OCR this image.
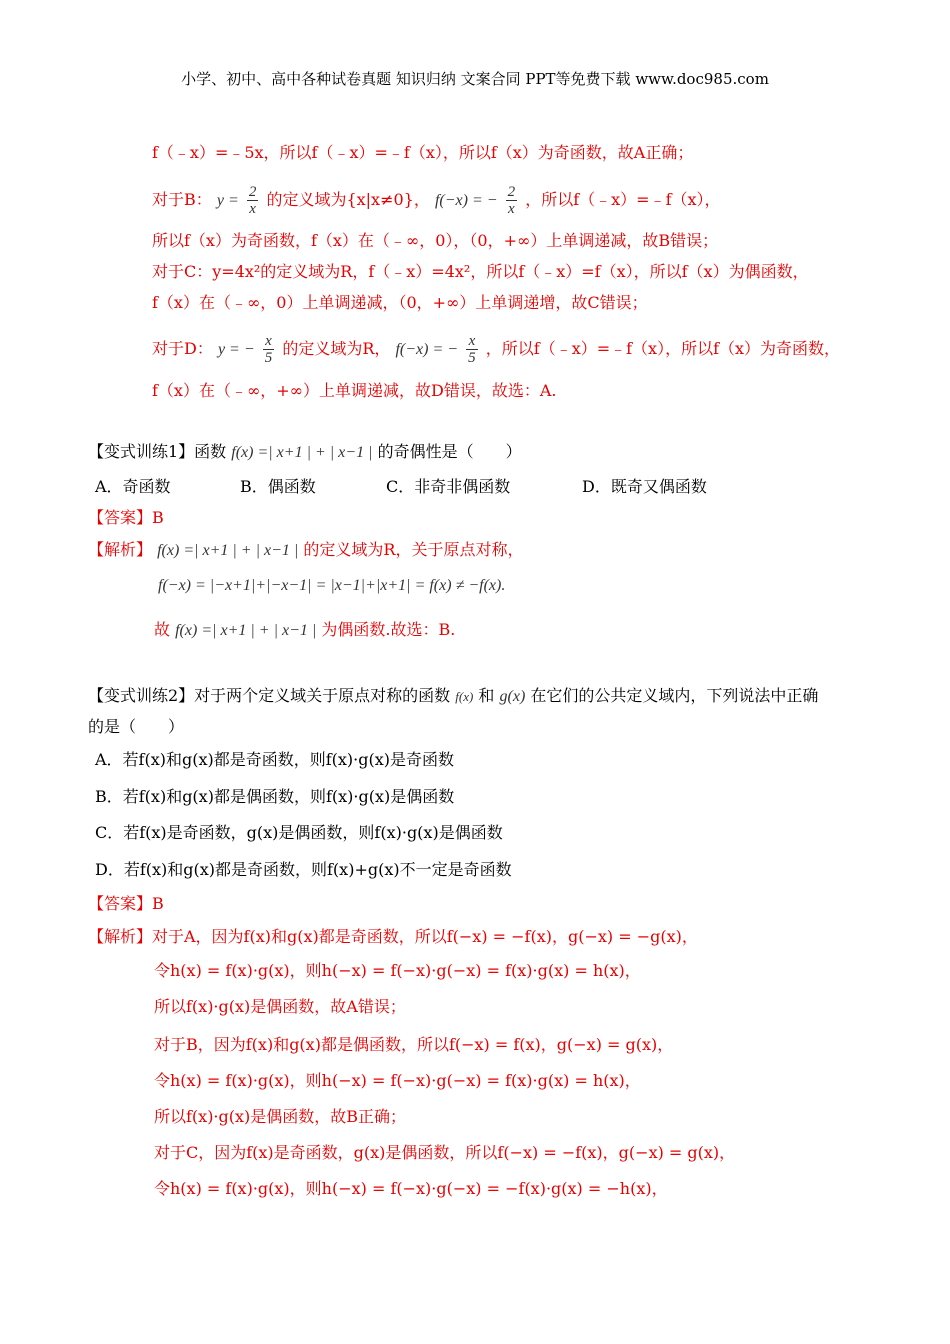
小学、初中、高中各种试卷真题 知识归纳 文案合同 PPT等免费下载 www.doc985.com
f（﹣x）=﹣5x，所以f（﹣x）=﹣f（x），所以f（x）为奇函数，故A正确；
对于B： $y = \frac{2}{x}$ 的定义域为{x|x≠0}， f(−x) = − $\frac{2}{x}$ ，所以f（﹣x）=﹣f（x），
所以f（x）为奇函数，f（x）在（﹣∞，0），（0，+∞）上单调递减，故B错误；
对于C：y=4x²的定义域为R，f（﹣x）=4x²，所以f（﹣x）=f（x），所以f（x）为偶函数，
f（x）在（﹣∞，0）上单调递减，（0，+∞）上单调递增，故C错误；
对于D： y = − $\frac{x}{5}$ 的定义域为R， f(−x) = − $\frac{x}{5}$ ，所以f（﹣x）=﹣f（x），所以f（x）为奇函数，
f（x）在（﹣∞，+∞）上单调递减，故D错误，故选：A.
【变式训练1】函数 f(x) =| x+1 | + | x−1 | 的奇偶性是（　　）
A．奇函数	B．偶函数	C．非奇非偶函数	D．既奇又偶函数
【答案】B
【解析】 f(x) =| x+1 | + | x−1 | 的定义域为R，关于原点对称，
f(−x) = |−x+1|+|−x−1| = |x−1|+|x+1| = f(x) ≠ −f(x).
故 f(x) =| x+1 | + | x−1 | 为偶函数.故选：B.
【变式训练2】对于两个定义域关于原点对称的函数 f(x) 和 g(x) 在它们的公共定义域内，下列说法中正确
的是（　　）
A．若f(x)和g(x)都是奇函数，则f(x)·g(x)是奇函数
B．若f(x)和g(x)都是偶函数，则f(x)·g(x)是偶函数
C．若f(x)是奇函数，g(x)是偶函数，则f(x)·g(x)是偶函数
D．若f(x)和g(x)都是奇函数，则f(x)+g(x)不一定是奇函数
【答案】B
【解析】对于A，因为f(x)和g(x)都是奇函数，所以f(−x) = −f(x)，g(−x) = −g(x)，
令h(x) = f(x)·g(x)，则h(−x) = f(−x)·g(−x) = f(x)·g(x) = h(x)，
所以f(x)·g(x)是偶函数，故A错误；
对于B，因为f(x)和g(x)都是偶函数，所以f(−x) = f(x)，g(−x) = g(x)，
令h(x) = f(x)·g(x)，则h(−x) = f(−x)·g(−x) = f(x)·g(x) = h(x)，
所以f(x)·g(x)是偶函数，故B正确；
对于C，因为f(x)是奇函数，g(x)是偶函数，所以f(−x) = −f(x)，g(−x) = g(x)，
令h(x) = f(x)·g(x)，则h(−x) = f(−x)·g(−x) = −f(x)·g(x) = −h(x)，
